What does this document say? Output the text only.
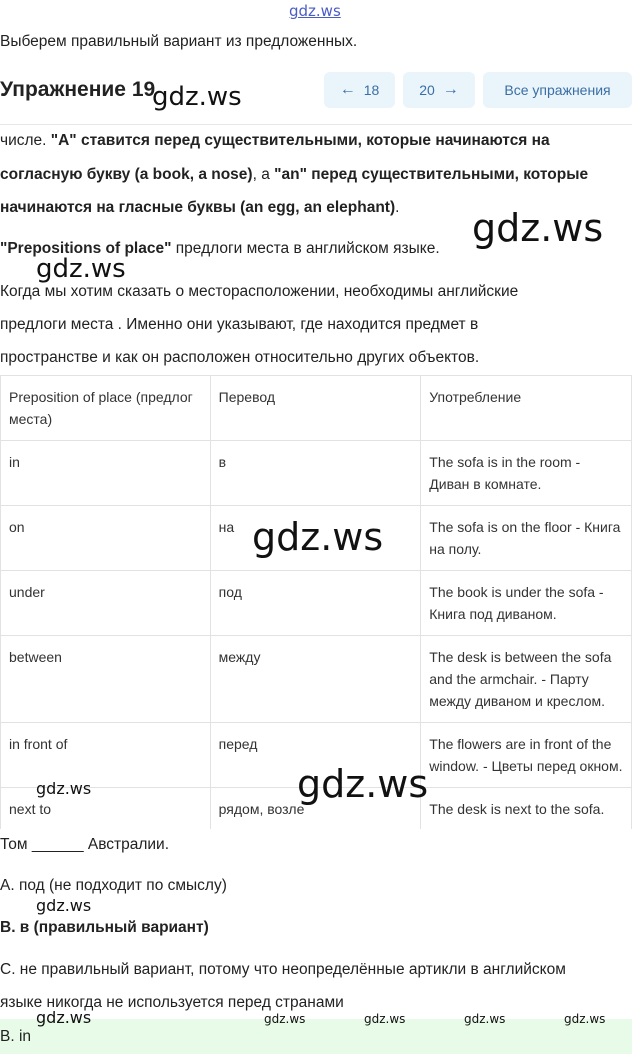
gdz.ws
Выберем правильный вариант из предложенных.
Упражнение 19
gdz.ws	← 18	20 →	Все упражнения
числе. "A" ставится перед существительными, которые начинаются на
согласную букву (a book, a nose), а "an" перед существительными, которые
начинаются на гласные буквы (an egg, an elephant). gdz.ws
"Prepositions of place" предлоги места в английском языке.
gdz.ws
Когда мы хотим сказать о месторасположении, необходимы английские
предлоги места . Именно они указывают, где находится предмет в
пространстве и как он расположен относительно других объектов.
Preposition of place (предлог места)	Перевод	Употребление
in	в	The sofa is in the room - Диван в комнате.
on	на	The sofa is on the floor - Книга на полу.
under	под	The book is under the sofa - Книга под диваном.
between	между	The desk is between the sofa and the armchair. - Парту между диваном и креслом.
in front of	перед	The flowers are in front of the window. - Цветы перед окном.
next to	рядом, возле	The desk is next to the sofa.
gdz.ws
gdz.ws	gdz.ws
Том ______ Австралии.
A. под (не подходит по смыслу)
gdz.ws
B. в (правильный вариант)
C. не правильный вариант, потому что неопределённые артикли в английском
языке никогда не используется перед странами
B. in
gdz.ws	gdz.ws	gdz.ws	gdz.ws	gdz.ws
